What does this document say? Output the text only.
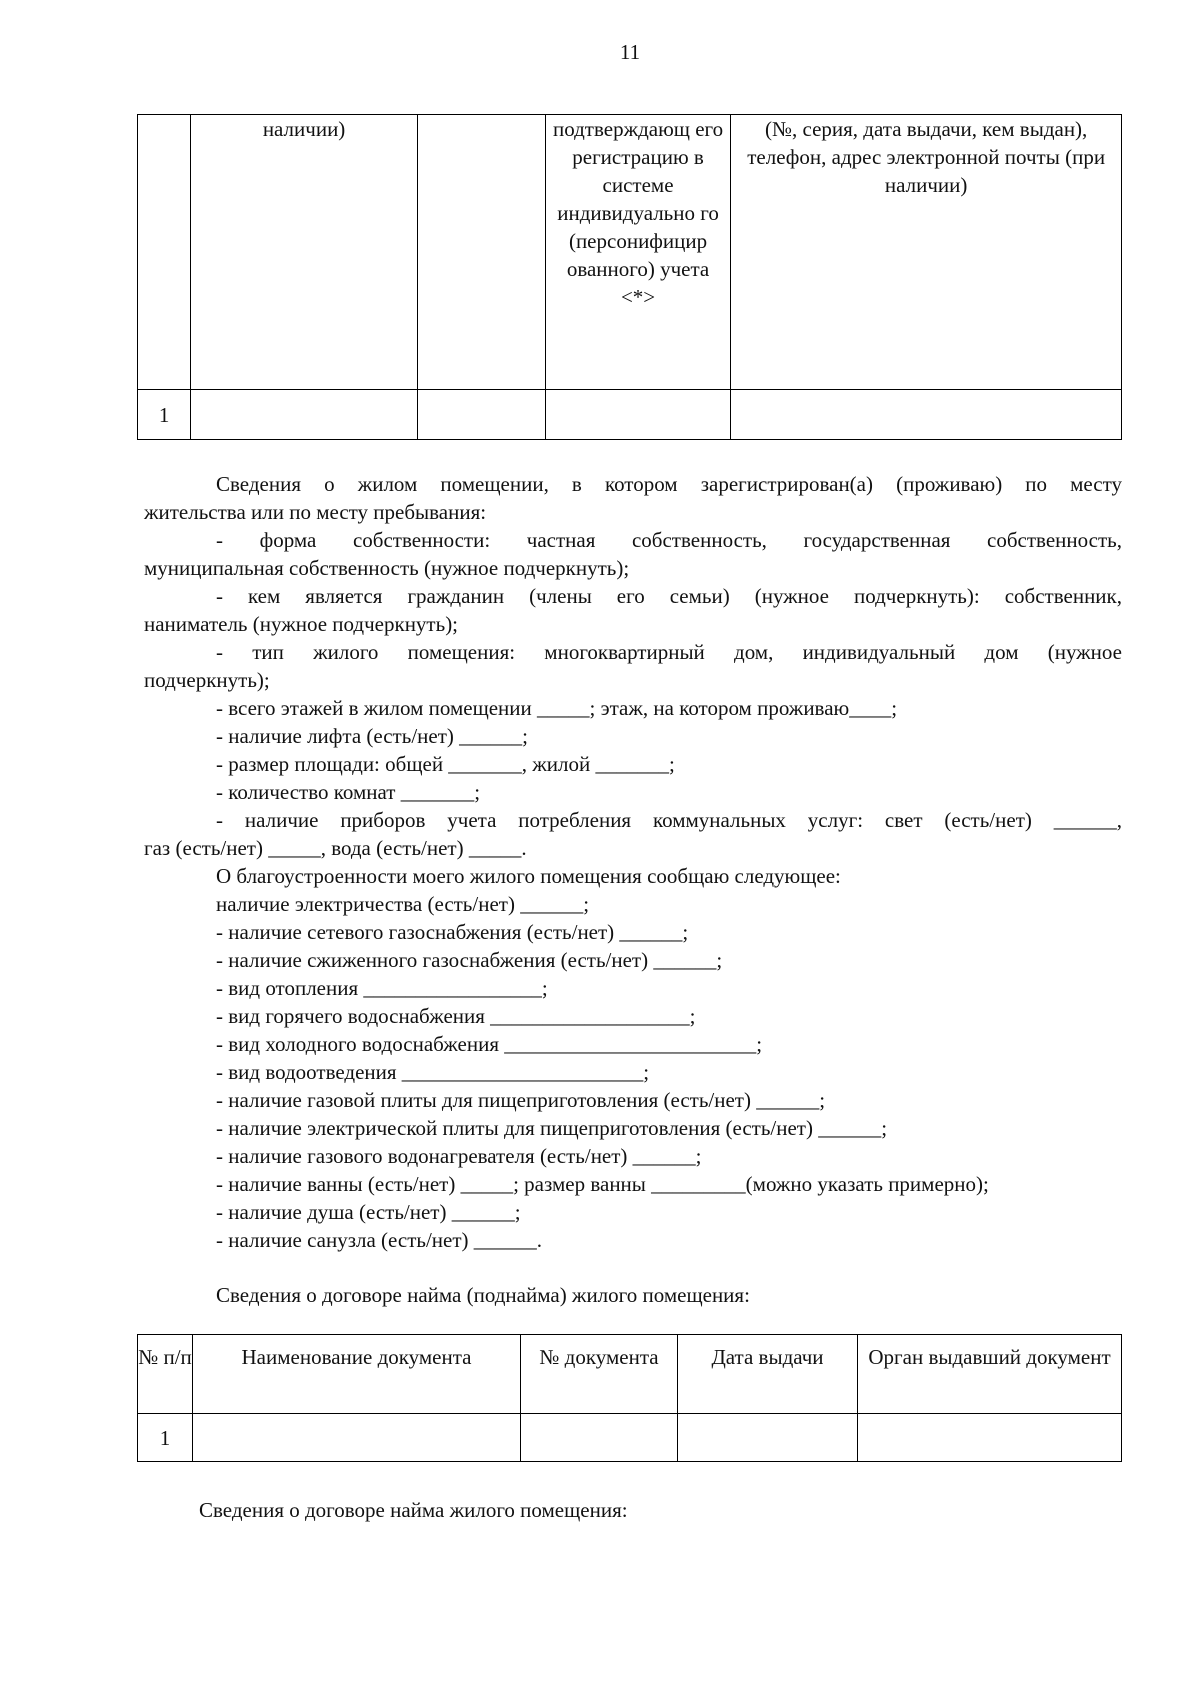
11
	наличии)		подтверждающ его регистрацию в системе индивидуально го (персонифицир ованного) учета <*>	(№, серия, дата выдачи, кем выдан), телефон, адрес электронной почты (при наличии)
1				
Сведения о жилом помещении, в котором зарегистрирован(а) (проживаю) по месту
жительства или по месту пребывания:
- форма собственности: частная собственность, государственная собственность,
муниципальная собственность (нужное подчеркнуть);
- кем является гражданин (члены его семьи) (нужное подчеркнуть): собственник,
наниматель (нужное подчеркнуть);
- тип жилого помещения: многоквартирный дом, индивидуальный дом (нужное
подчеркнуть);
- всего этажей в жилом помещении _____; этаж, на котором проживаю____;
- наличие лифта (есть/нет) ______;
- размер площади: общей _______, жилой _______;
- количество комнат _______;
- наличие приборов учета потребления коммунальных услуг: свет (есть/нет) ______,
газ (есть/нет) _____, вода (есть/нет) _____.
О благоустроенности моего жилого помещения сообщаю следующее:
наличие электричества (есть/нет) ______;
- наличие сетевого газоснабжения (есть/нет) ______;
- наличие сжиженного газоснабжения (есть/нет) ______;
- вид отопления _________________;
- вид горячего водоснабжения ___________________;
- вид холодного водоснабжения ________________________;
- вид водоотведения _______________________;
- наличие газовой плиты для пищеприготовления (есть/нет) ______;
- наличие электрической плиты для пищеприготовления (есть/нет) ______;
- наличие газового водонагревателя (есть/нет) ______;
- наличие ванны (есть/нет) _____; размер ванны _________(можно указать примерно);
- наличие душа (есть/нет) ______;
- наличие санузла (есть/нет) ______.
Сведения о договоре найма (поднайма) жилого помещения:
№ п/п	Наименование документа	№ документа	Дата выдачи	Орган выдавший документ
1				
Сведения о договоре найма жилого помещения:
